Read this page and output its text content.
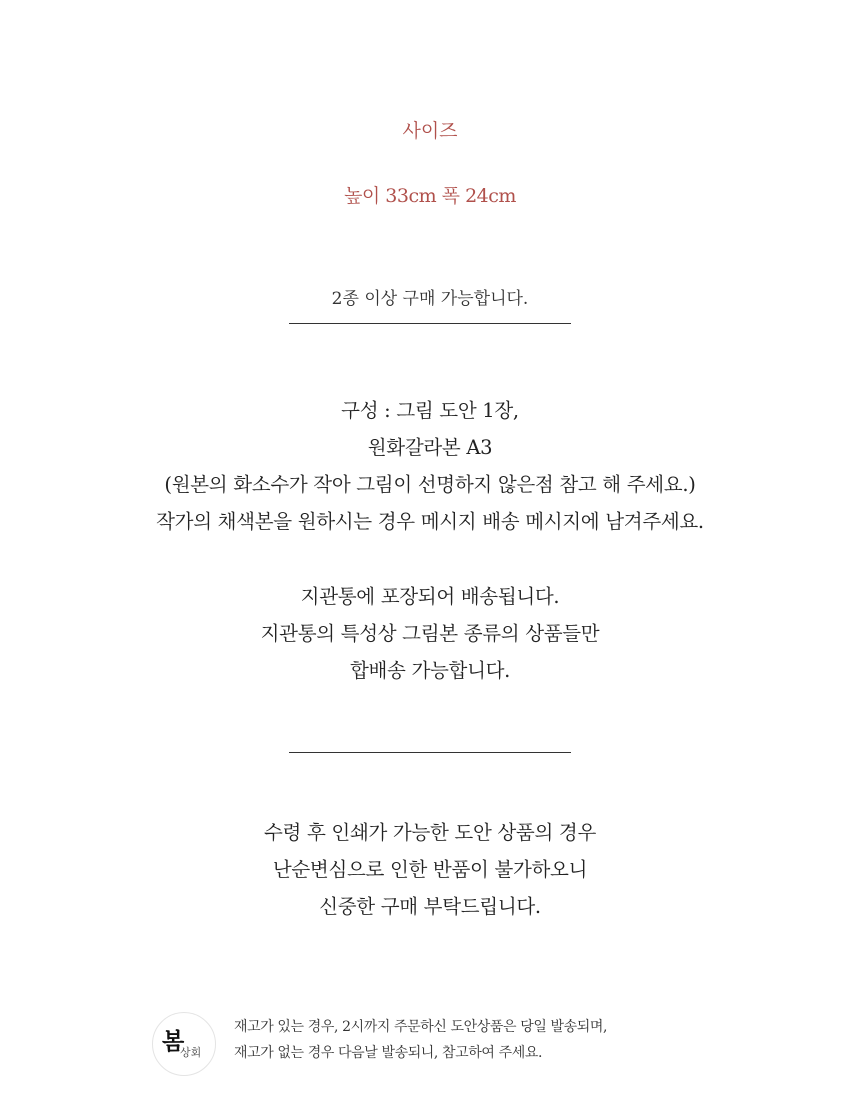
사이즈
높이 33cm 폭 24cm
2종 이상 구매 가능합니다.
구성 : 그림 도안 1장,
원화갈라본 A3
(원본의 화소수가 작아 그림이 선명하지 않은점 참고 해 주세요.)
작가의 채색본을 원하시는 경우 메시지 배송 메시지에 남겨주세요.
지관통에 포장되어 배송됩니다.
지관통의 특성상 그림본 종류의 상품들만
합배송 가능합니다.
수령 후 인쇄가 가능한 도안 상품의 경우
난순변심으로 인한 반품이 불가하오니
신중한 구매 부탁드립니다.
봄
상회
재고가 있는 경우, 2시까지 주문하신 도안상품은 당일 발송되며,
재고가 없는 경우 다음날 발송되니, 참고하여 주세요.
